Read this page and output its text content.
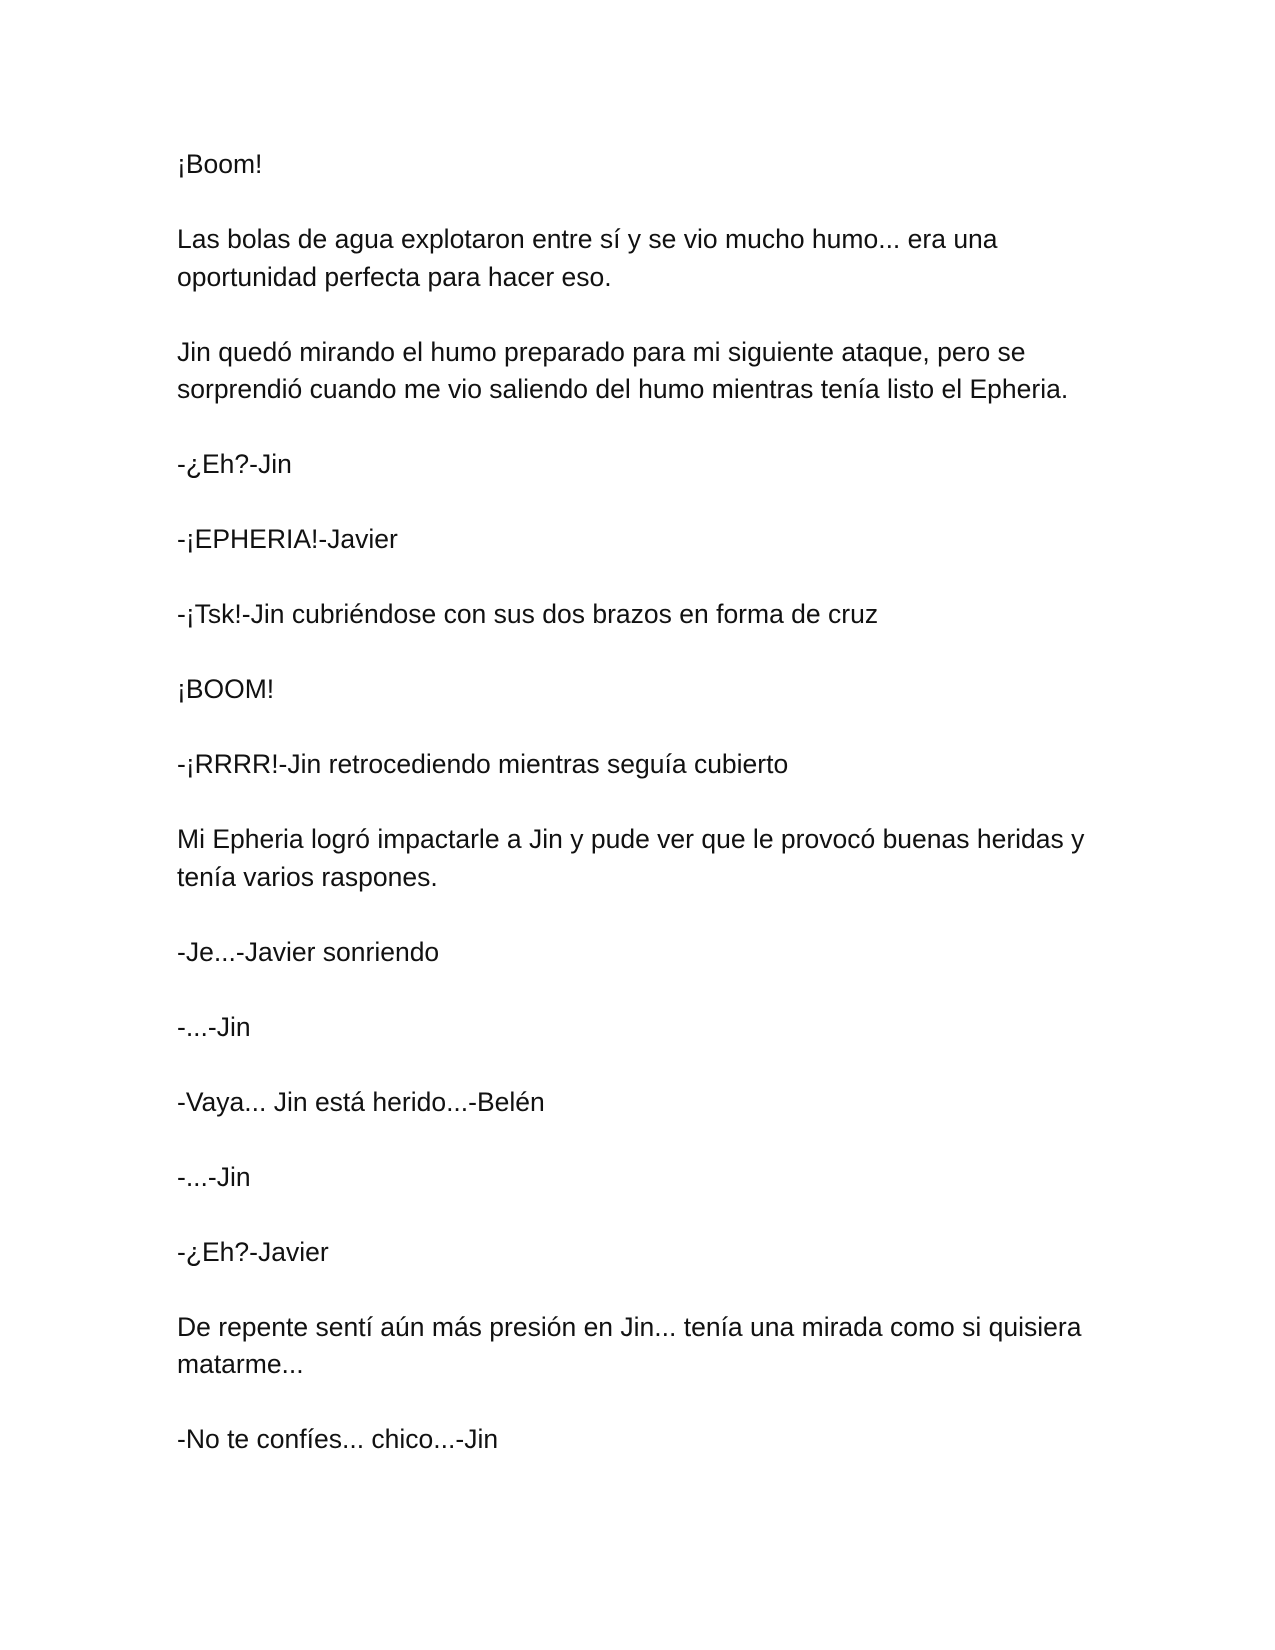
¡Boom!

Las bolas de agua explotaron entre sí y se vio mucho humo... era una oportunidad perfecta para hacer eso.

Jin quedó mirando el humo preparado para mi siguiente ataque, pero se sorprendió cuando me vio saliendo del humo mientras tenía listo el Epheria.

-¿Eh?-Jin

-¡EPHERIA!-Javier

-¡Tsk!-Jin cubriéndose con sus dos brazos en forma de cruz

¡BOOM!

-¡RRRR!-Jin retrocediendo mientras seguía cubierto

Mi Epheria logró impactarle a Jin y pude ver que le provocó buenas heridas y tenía varios raspones.

-Je...-Javier sonriendo

-...-Jin

-Vaya... Jin está herido...-Belén

-...-Jin

-¿Eh?-Javier

De repente sentí aún más presión en Jin... tenía una mirada como si quisiera matarme...

-No te confíes... chico...-Jin
